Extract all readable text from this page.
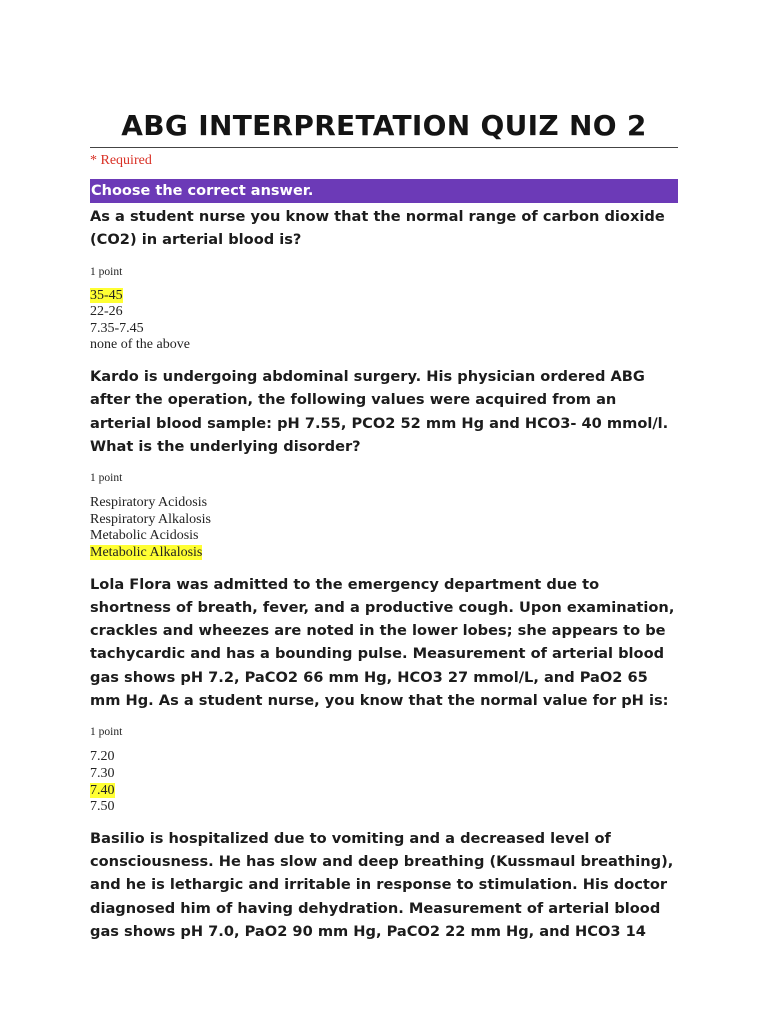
ABG INTERPRETATION QUIZ NO 2
* Required
Choose the correct answer.

As a student nurse you know that the normal range of carbon dioxide (CO2) in arterial blood is?

1 point
35-45
22-26
7.35-7.45
none of the above

Kardo is undergoing abdominal surgery. His physician ordered ABG after the operation, the following values were acquired from an arterial blood sample: pH 7.55, PCO2 52 mm Hg and HCO3- 40 mmol/l. What is the underlying disorder?

1 point
Respiratory Acidosis
Respiratory Alkalosis
Metabolic Acidosis
Metabolic Alkalosis

Lola Flora was admitted to the emergency department due to shortness of breath, fever, and a productive cough. Upon examination, crackles and wheezes are noted in the lower lobes; she appears to be tachycardic and has a bounding pulse. Measurement of arterial blood gas shows pH 7.2, PaCO2 66 mm Hg, HCO3 27 mmol/L, and PaO2 65 mm Hg. As a student nurse, you know that the normal value for pH is:

1 point
7.20
7.30
7.40
7.50

Basilio is hospitalized due to vomiting and a decreased level of consciousness. He has slow and deep breathing (Kussmaul breathing), and he is lethargic and irritable in response to stimulation. His doctor diagnosed him of having dehydration. Measurement of arterial blood gas shows pH 7.0, PaO2 90 mm Hg, PaCO2 22 mm Hg, and HCO3 14
